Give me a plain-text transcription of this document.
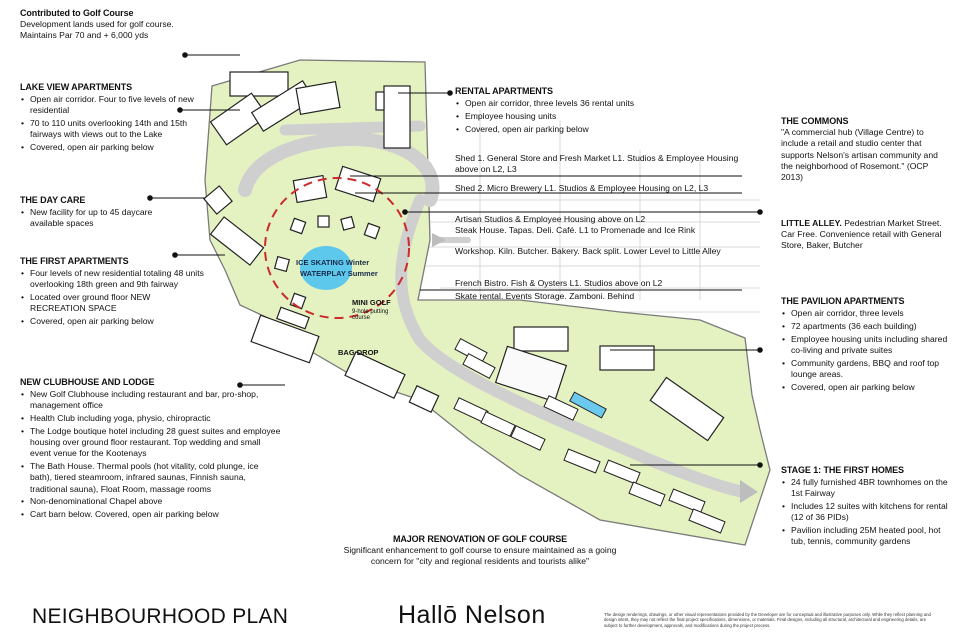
ICE SKATING Winter
WATERPLAY Summer
MINI GOLF
9-hole putting course
BAG DROP
Contributed to Golf Course
Development lands used for golf course.
Maintains Par 70 and + 6,000 yds
LAKE VIEW APARTMENTS
• Open air corridor. Four to five levels of new residential
• 70 to 110 units overlooking 14th and 15th fairways with views out to the Lake
• Covered, open air parking below
THE DAY CARE
• New facility for up to 45 daycare available spaces
THE FIRST APARTMENTS
• Four levels of new residential totaling 48 units overlooking 18th green and 9th fairway
• Located over ground floor NEW RECREATION SPACE
• Covered, open air parking below
NEW CLUBHOUSE AND LODGE
• New Golf Clubhouse including restaurant and bar, pro-shop, management office
• Health Club including yoga, physio, chiropractic
• The Lodge boutique hotel including 28 guest suites and employee housing over ground floor restaurant. Top wedding and small event venue for the Kootenays
• The Bath House. Thermal pools (hot vitality, cold plunge, ice bath), tiered steamroom, infrared saunas, Finnish sauna, traditional sauna), Float Room, massage rooms
• Non-denominational Chapel above
• Cart barn below. Covered, open air parking below
RENTAL APARTMENTS
• Open air corridor, three levels 36 rental units
• Employee housing units
• Covered, open air parking below
Shed 1. General Store and Fresh Market L1. Studios & Employee Housing above on L2, L3
Shed 2. Micro Brewery L1. Studios & Employee Housing on L2, L3
Artisan Studios & Employee Housing above on L2
Steak House. Tapas. Deli. Café. L1 to Promenade and Ice Rink
Workshop. Kiln. Butcher. Bakery. Back split. Lower Level to Little Alley
French Bistro. Fish & Oysters L1. Studios above on L2
Skate rental. Events Storage. Zamboni. Behind
THE COMMONS
"A commercial hub (Village Centre) to include a retail and studio center that supports Nelson's artisan community and the neighborhood of Rosemont." (OCP 2013)
LITTLE ALLEY. Pedestrian Market Street. Car Free. Convenience retail with General Store, Baker, Butcher
THE PAVILION APARTMENTS
• Open air corridor, three levels
• 72 apartments (36 each building)
• Employee housing units including shared co-living and private suites
• Community gardens, BBQ and roof top lounge areas.
• Covered, open air parking below
STAGE 1: THE FIRST HOMES
• 24 fully furnished 4BR townhomes on the 1st Fairway
• Includes 12 suites with kitchens for rental (12 of 36 PIDs)
• Pavilion including 25M heated pool, hot tub, tennis, community gardens
MAJOR RENOVATION OF GOLF COURSE
Significant enhancement to golf course to ensure maintained as a going concern for "city and regional residents and tourists alike"
NEIGHBOURHOOD PLAN	Hallō Nelson	The design renderings, drawings, or other visual representations provided by the Developer are for conceptual and illustrative purposes only. While they reflect planning and design intent, they may not reflect the final project specifications, dimensions, or materials. Final designs, including all structural, architectural and engineering details, are subject to further development, approvals, and modifications during the project process.
